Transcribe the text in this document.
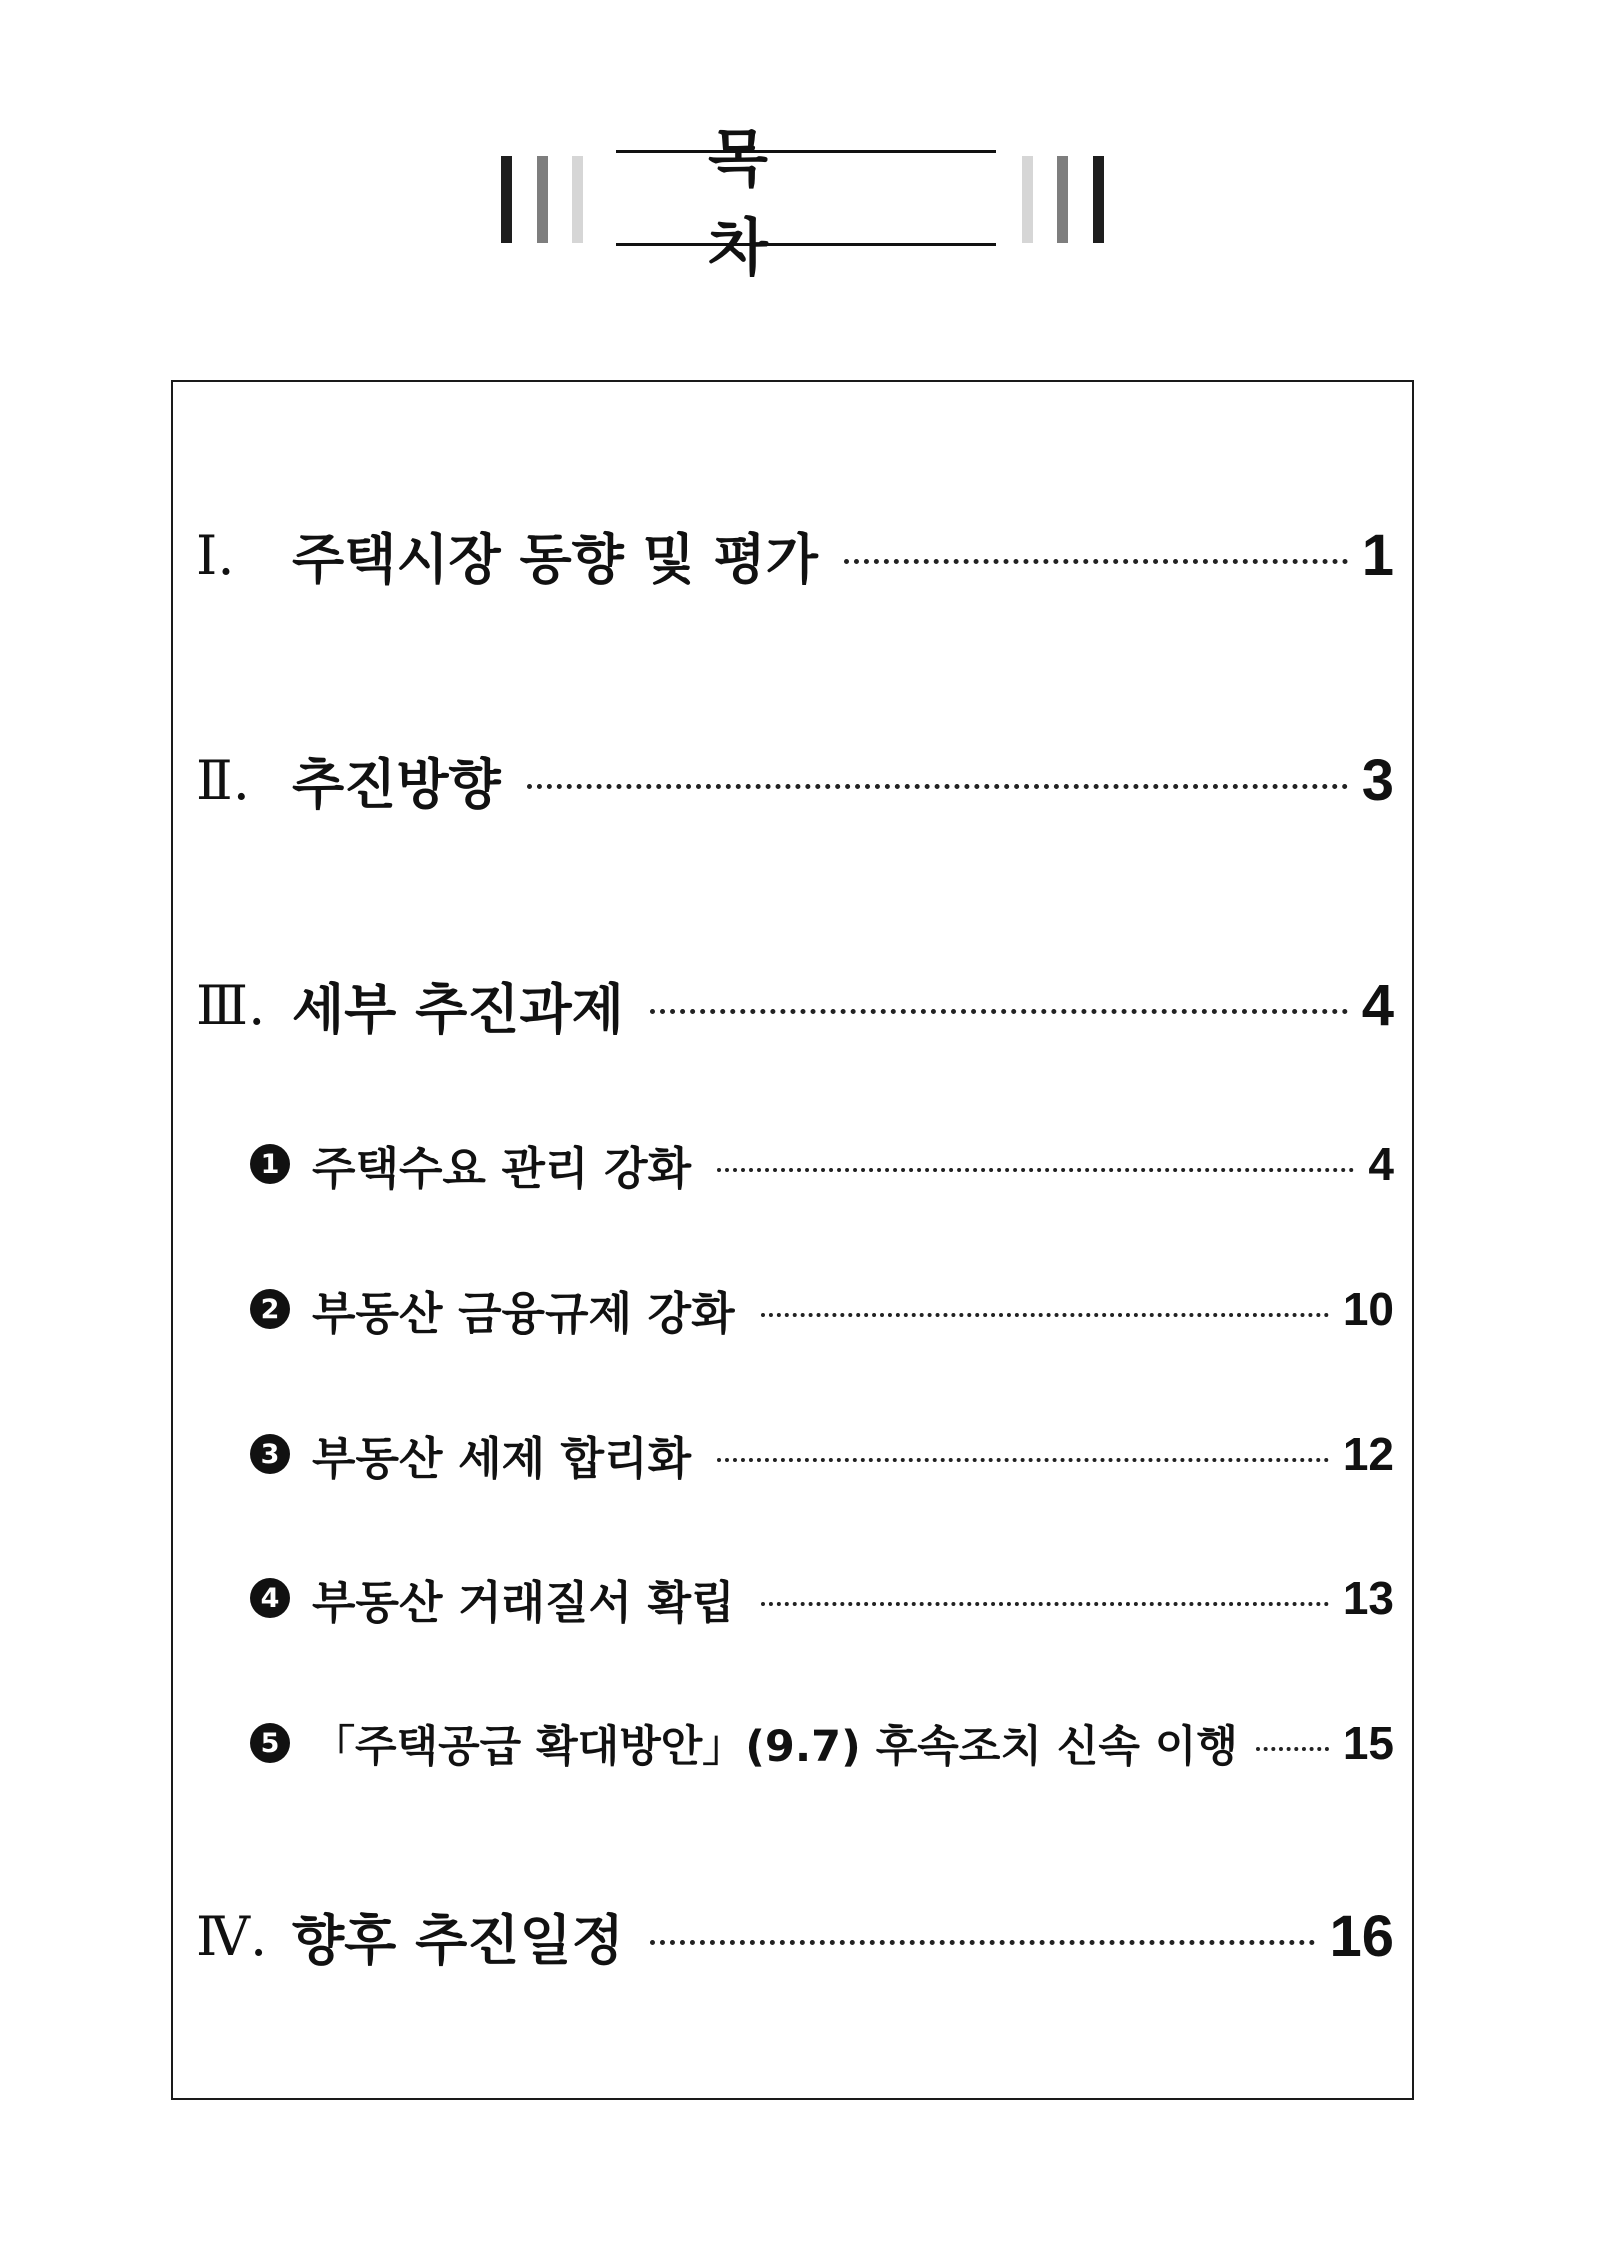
목 차
Ⅰ.	주택시장 동향 및 평가	1
Ⅱ. 추진방향	3
Ⅲ. 세부 추진과제	4
1 주택수요 관리 강화	4
2 부동산 금융규제 강화	10
3 부동산 세제 합리화	12
4 부동산 거래질서 확립	13
5 「주택공급 확대방안」(9.7) 후속조치 신속 이행 15
Ⅳ. 향후 추진일정	16
